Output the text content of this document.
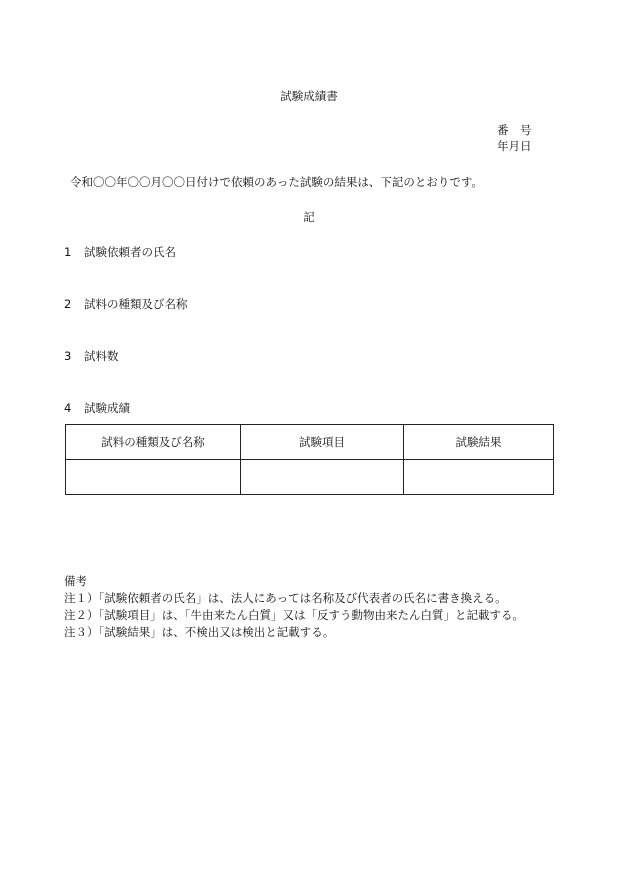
試験成績書
番　号
年月日
令和〇〇年〇〇月〇〇日付けで依頼のあった試験の結果は、下記のとおりです。
記
1 試験依頼者の氏名
2 試料の種類及び名称
3 試料数
4 試験成績
試料の種類及び名称	試験項目	試験結果

備考
注１）「試験依頼者の氏名」は、法人にあっては名称及び代表者の氏名に書き換える。
注２）「試験項目」は、「牛由来たん白質」又は「反すう動物由来たん白質」と記載する。
注３）「試験結果」は、不検出又は検出と記載する。
